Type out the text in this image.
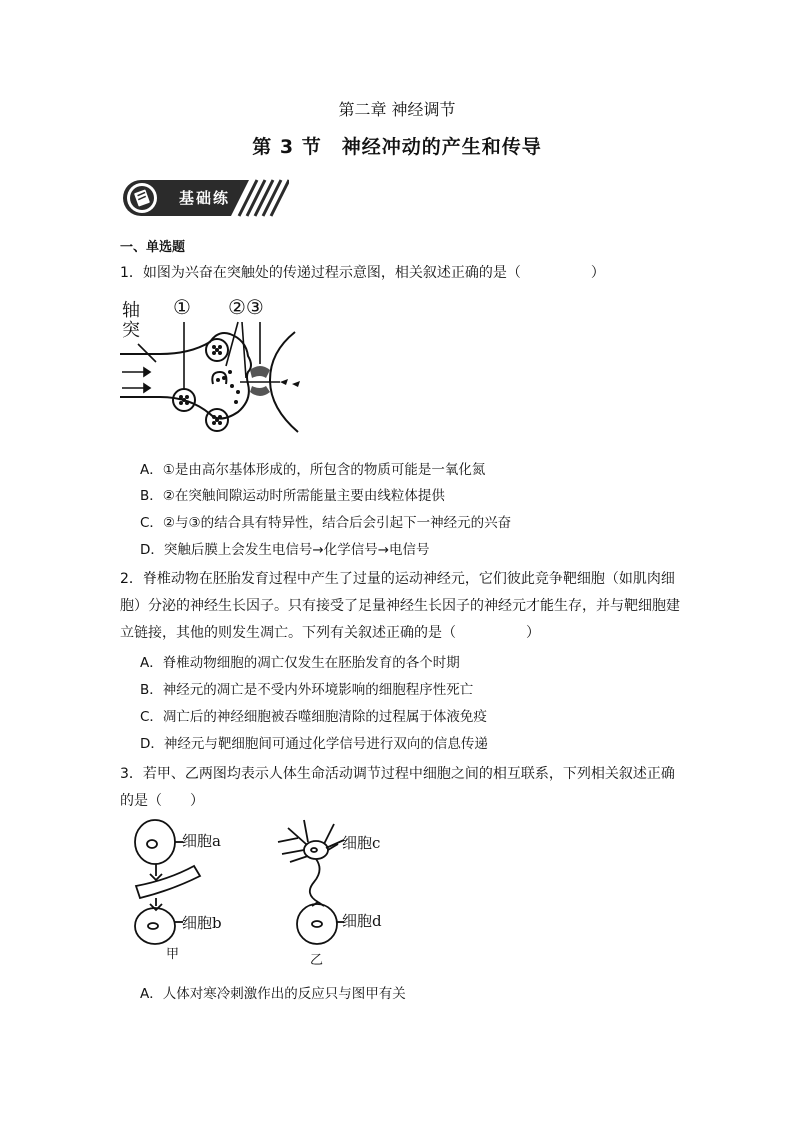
第二章 神经调节
第 3 节　神经冲动的产生和传导
基础练
一、单选题
1．如图为兴奋在突触处的传递过程示意图，相关叙述正确的是（　　　　　）
轴
突
① ②③
A．①是由高尔基体形成的，所包含的物质可能是一氧化氮
B．②在突触间隙运动时所需能量主要由线粒体提供
C．②与③的结合具有特异性，结合后会引起下一神经元的兴奋
D．突触后膜上会发生电信号→化学信号→电信号
2．脊椎动物在胚胎发育过程中产生了过量的运动神经元，它们彼此竞争靶细胞（如肌肉细胞）分泌的神经生长因子。只有接受了足量神经生长因子的神经元才能生存，并与靶细胞建立链接，其他的则发生凋亡。下列有关叙述正确的是（　　　　　）
A．脊椎动物细胞的凋亡仅发生在胚胎发育的各个时期
B．神经元的凋亡是不受内外环境影响的细胞程序性死亡
C．凋亡后的神经细胞被吞噬细胞清除的过程属于体液免疫
D．神经元与靶细胞间可通过化学信号进行双向的信息传递
3．若甲、乙两图均表示人体生命活动调节过程中细胞之间的相互联系，下列相关叙述正确的是（　　）
细胞a
细胞b
细胞c
细胞d
甲	乙
A．人体对寒冷刺激作出的反应只与图甲有关
